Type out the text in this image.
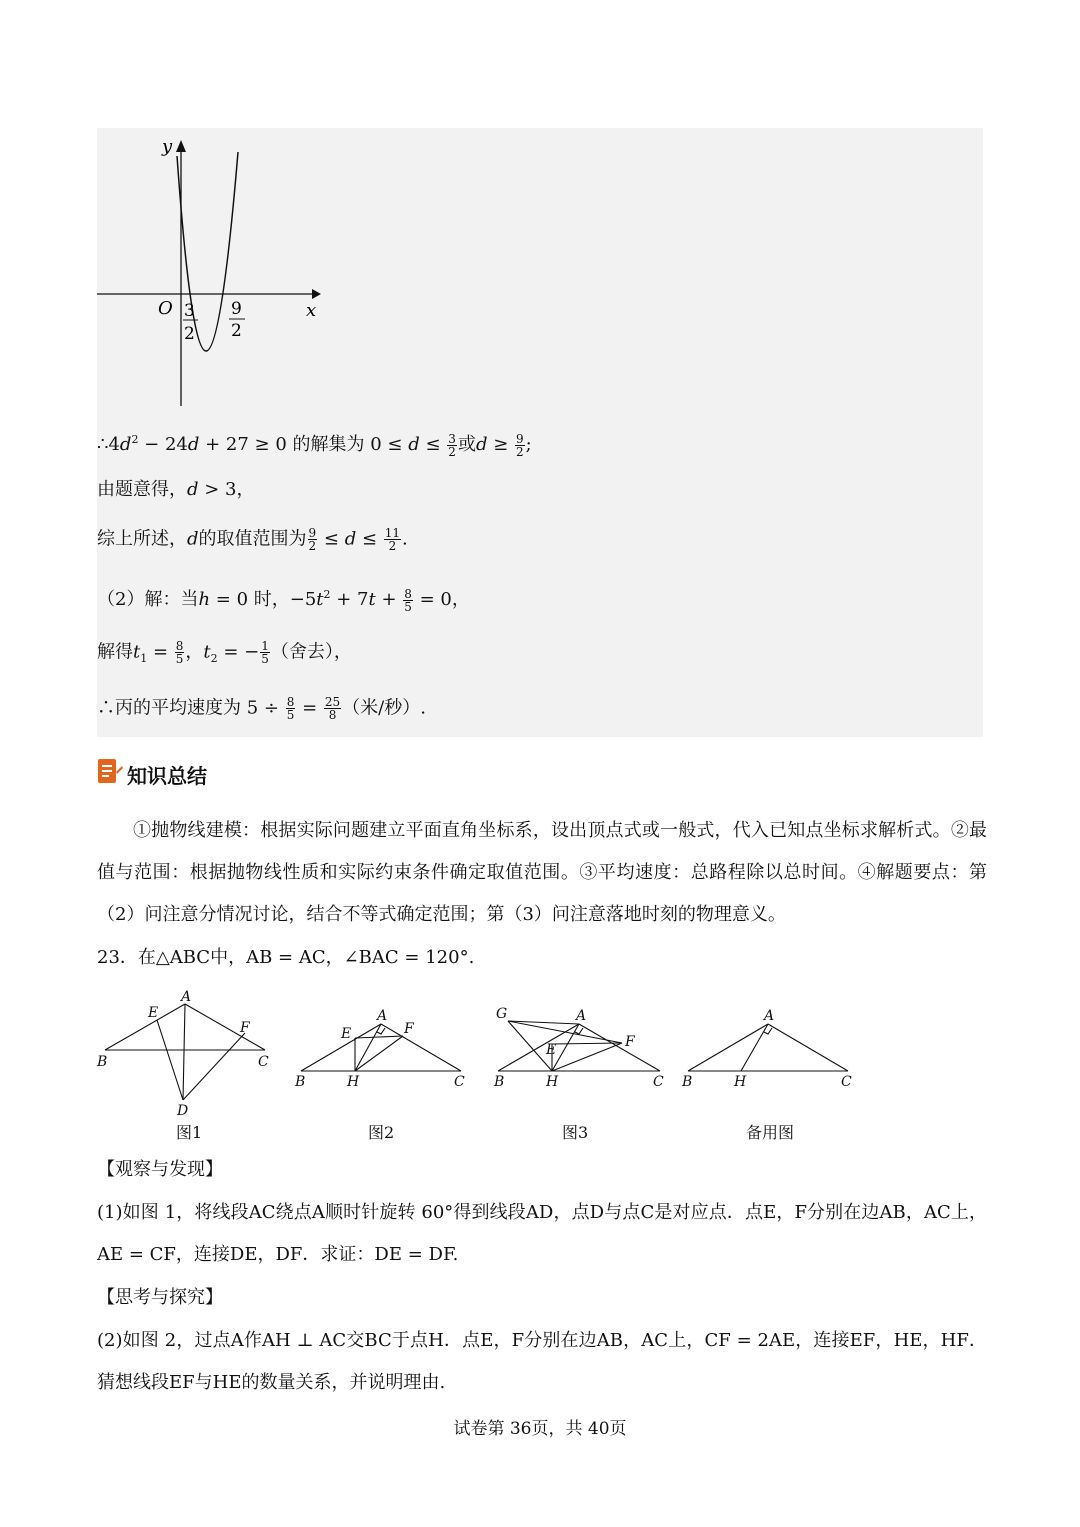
y
x
O 3
2
9
2
$\therefore 4d^2 - 24d + 27 \ge 0$ 的解集为 $0 \le d \le \frac{3}{2}$ 或$d \ge \frac{9}{2}$ ;
由题意得，d > 3，
综上所述，d的取值范围为 $\frac{9}{2} \le d \le \frac{11}{2}$ .
（2）解：当h = 0 时，$-5t^2 + 7t + \frac{8}{5} = 0$，
解得$t_1 = \frac{8}{5}$ ，$t_2$ = − $\frac{1}{5}$ （舍去），
∴丙的平均速度为 $5 \div \frac{8}{5} = \frac{25}{8}$ （米/秒）.
知识总结
①抛物线建模：根据实际问题建立平面直角坐标系，设出顶点式或一般式，代入已知点坐标求解析式。②最值与范围：根据抛物线性质和实际约束条件确定取值范围。③平均速度：总路程除以总时间。④解题要点：第（2）问注意分情况讨论，结合不等式确定范围；第（3）问注意落地时刻的物理意义。
23．在△ABC中，AB = AC，∠BAC = 120°.
A
B	C
D
E
F
图1
A
B	C
H
E	F
图2
G	A
B	C
H
E	F
图3
A
B	H	C
备用图
【观察与发现】
(1)如图 1，将线段AC绕点A顺时针旋转 60°得到线段AD，点D与点C是对应点．点E，F分别在边AB，AC上，AE = CF，连接DE，DF．求证：DE = DF.
【思考与探究】
(2)如图 2，过点A作AH ⊥ AC交BC于点H．点E，F分别在边AB，AC上，CF = 2AE，连接EF，HE，HF．猜想线段EF与HE的数量关系，并说明理由.
试卷第 36页，共 40页
